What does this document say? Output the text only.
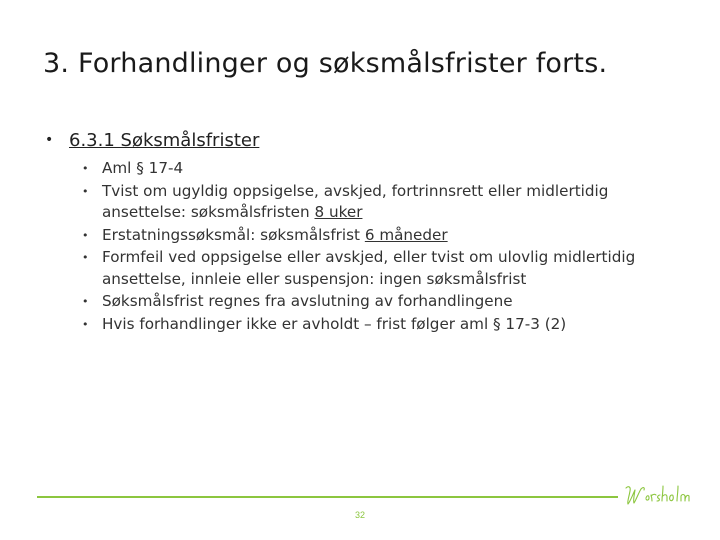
3. Forhandlinger og søksmålsfrister forts.
• 6.3.1 Søksmålsfrister
• Aml § 17-4
• Tvist om ugyldig oppsigelse, avskjed, fortrinnsrett eller midlertidig ansettelse: søksmålsfristen 8 uker
• Erstatningssøksmål: søksmålsfrist 6 måneder
• Formfeil ved oppsigelse eller avskjed, eller tvist om ulovlig midlertidig ansettelse, innleie eller suspensjon: ingen søksmålsfrist
• Søksmålsfrist regnes fra avslutning av forhandlingene
• Hvis forhandlinger ikke er avholdt – frist følger aml § 17-3 (2)
32
